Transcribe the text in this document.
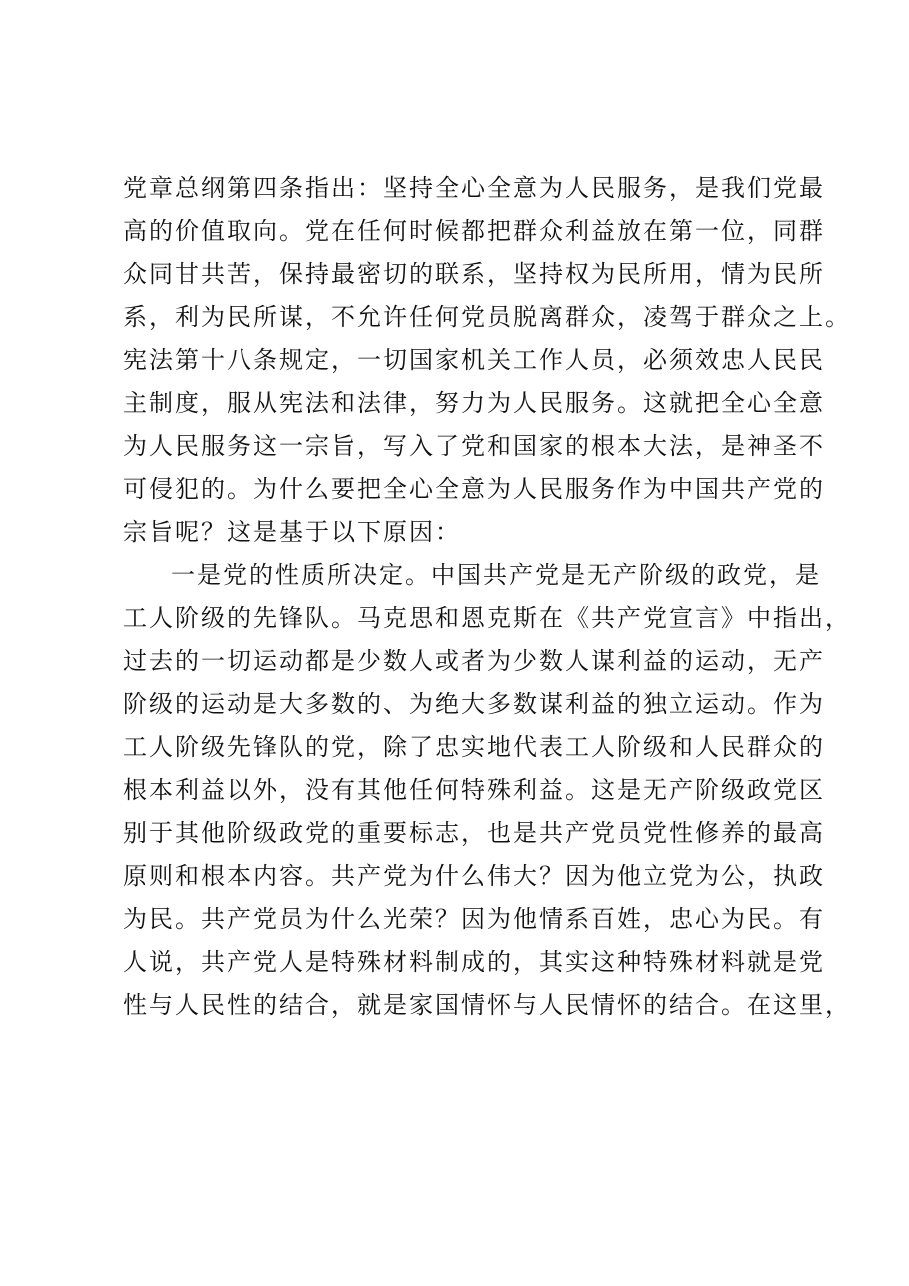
党章总纲第四条指出：坚持全心全意为人民服务，是我们党最
高的价值取向。党在任何时候都把群众利益放在第一位，同群
众同甘共苦，保持最密切的联系，坚持权为民所用，情为民所
系，利为民所谋，不允许任何党员脱离群众，凌驾于群众之上。
宪法第十八条规定，一切国家机关工作人员，必须效忠人民民
主制度，服从宪法和法律，努力为人民服务。这就把全心全意
为人民服务这一宗旨，写入了党和国家的根本大法，是神圣不
可侵犯的。为什么要把全心全意为人民服务作为中国共产党的
宗旨呢？这是基于以下原因：
一是党的性质所决定。中国共产党是无产阶级的政党，是
工人阶级的先锋队。马克思和恩克斯在《共产党宣言》中指出，
过去的一切运动都是少数人或者为少数人谋利益的运动，无产
阶级的运动是大多数的、为绝大多数谋利益的独立运动。作为
工人阶级先锋队的党，除了忠实地代表工人阶级和人民群众的
根本利益以外，没有其他任何特殊利益。这是无产阶级政党区
别于其他阶级政党的重要标志，也是共产党员党性修养的最高
原则和根本内容。共产党为什么伟大？因为他立党为公，执政
为民。共产党员为什么光荣？因为他情系百姓，忠心为民。有
人说，共产党人是特殊材料制成的，其实这种特殊材料就是党
性与人民性的结合，就是家国情怀与人民情怀的结合。在这里，
